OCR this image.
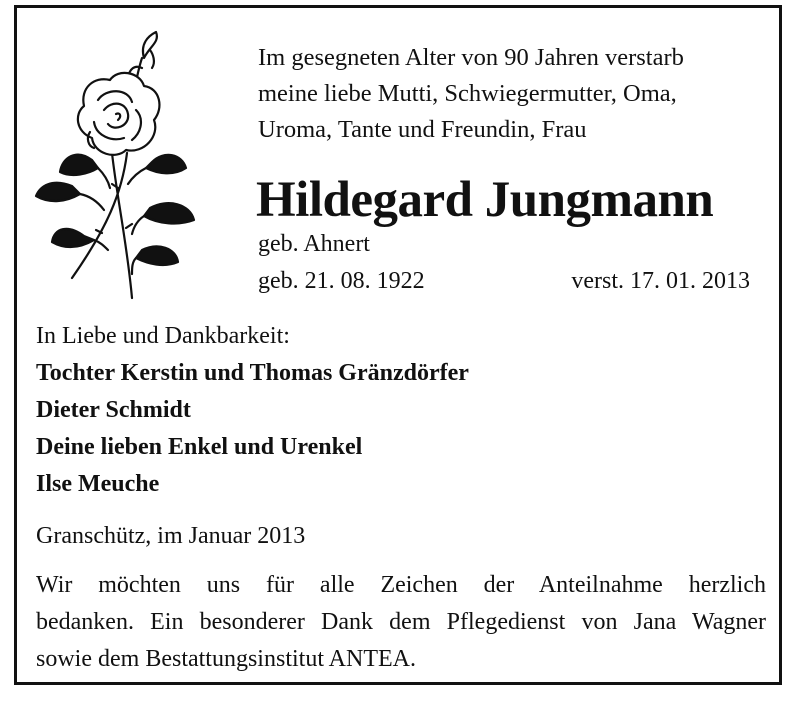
Im gesegneten Alter von 90 Jahren verstarb
meine liebe Mutti, Schwiegermutter, Oma,
Uroma, Tante und Freundin, Frau
Hildegard Jungmann
geb. Ahnert
geb. 21. 08. 1922	verst. 17. 01. 2013
In Liebe und Dankbarkeit:
Tochter Kerstin und Thomas Gränzdörfer
Dieter Schmidt
Deine lieben Enkel und Urenkel
Ilse Meuche
Granschütz, im Januar 2013
Wir möchten uns für alle Zeichen der Anteilnahme herzlich
bedanken. Ein besonderer Dank dem Pflegedienst von Jana Wagner
sowie dem Bestattungsinstitut ANTEA.
